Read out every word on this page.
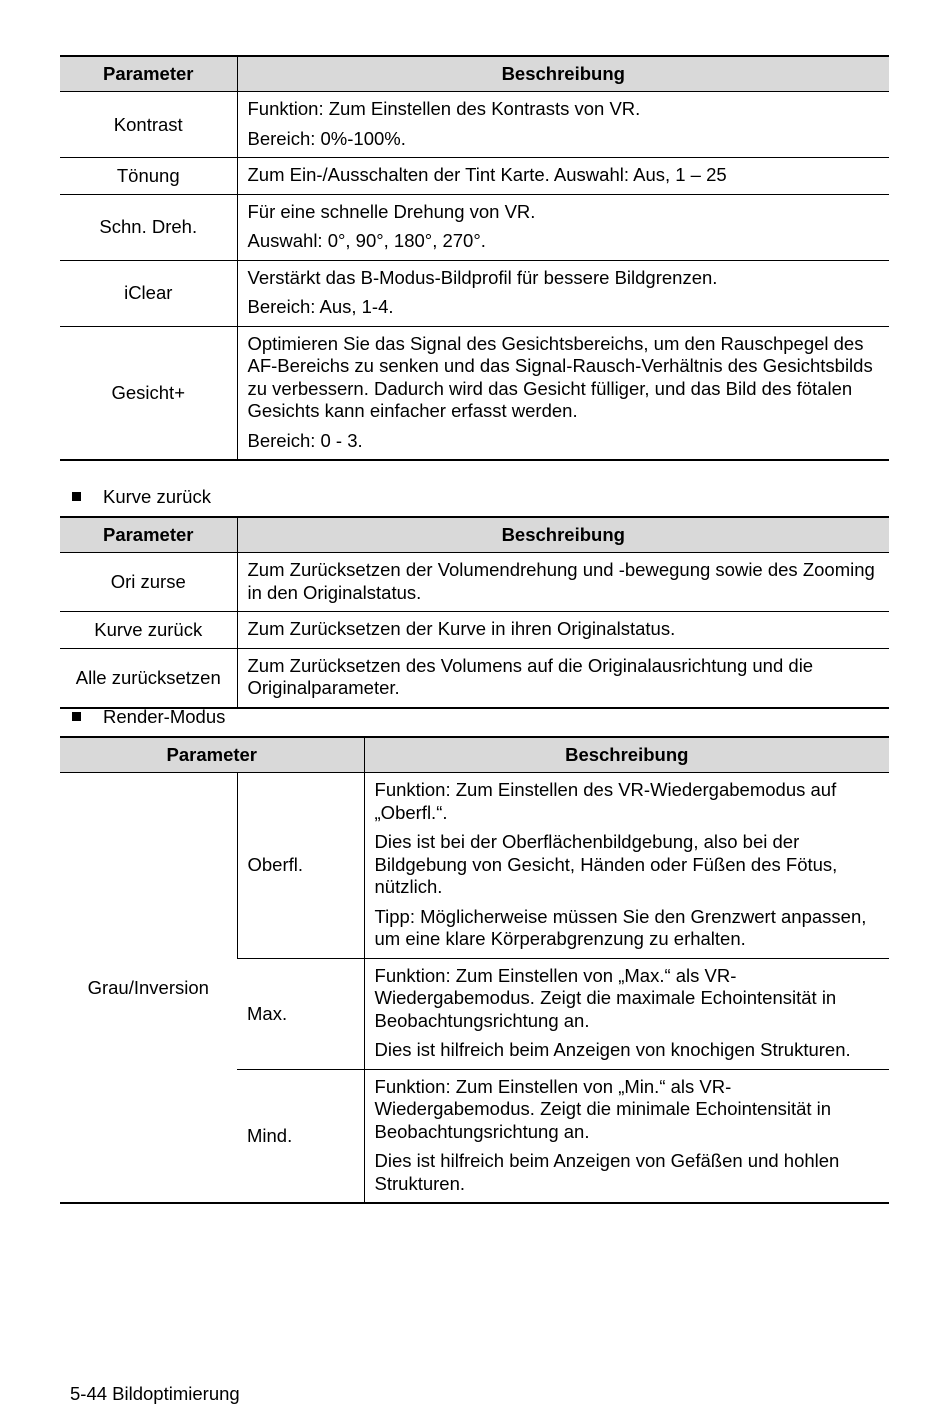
Parameter	Beschreibung
Kontrast	Funktion: Zum Einstellen des Kontrasts von VR.

Bereich: 0%-100%.

Tönung	Zum Ein-/Ausschalten der Tint Karte. Auswahl: Aus, 1 – 25

Schn. Dreh.	Für eine schnelle Drehung von VR.

Auswahl: 0°, 90°, 180°, 270°.

iClear	Verstärkt das B-Modus-Bildprofil für bessere Bildgrenzen.

Bereich: Aus, 1-4.

Gesicht+	Optimieren Sie das Signal des Gesichtsbereichs, um den Rauschpegel des AF-Bereichs zu senken und das Signal-Rausch-Verhältnis des Gesichtsbilds zu verbessern. Dadurch wird das Gesicht fülliger, und das Bild des fötalen Gesichts kann einfacher erfasst werden.

Bereich: 0 - 3.

Kurve zurück
Parameter	Beschreibung
Ori zurse	Zum Zurücksetzen der Volumendrehung und -bewegung sowie des Zooming in den Originalstatus.

Kurve zurück	Zum Zurücksetzen der Kurve in ihren Originalstatus.

Alle zurücksetzen	Zum Zurücksetzen des Volumens auf die Originalausrichtung und die Originalparameter.

Render-Modus
Parameter		Beschreibung
Grau/Inversion	Oberfl.	Funktion: Zum Einstellen des VR-Wiedergabemodus auf „Oberfl.“.

Dies ist bei der Oberflächenbildgebung, also bei der Bildgebung von Gesicht, Händen oder Füßen des Fötus, nützlich.

Tipp: Möglicherweise müssen Sie den Grenzwert anpassen, um eine klare Körperabgrenzung zu erhalten.

	Max.	Funktion: Zum Einstellen von „Max.“ als VR-Wiedergabemodus. Zeigt die maximale Echointensität in Beobachtungsrichtung an.

Dies ist hilfreich beim Anzeigen von knochigen Strukturen.

	Mind.	Funktion: Zum Einstellen von „Min.“ als VR-Wiedergabemodus. Zeigt die minimale Echointensität in Beobachtungsrichtung an.

Dies ist hilfreich beim Anzeigen von Gefäßen und hohlen Strukturen.

5-44 Bildoptimierung
